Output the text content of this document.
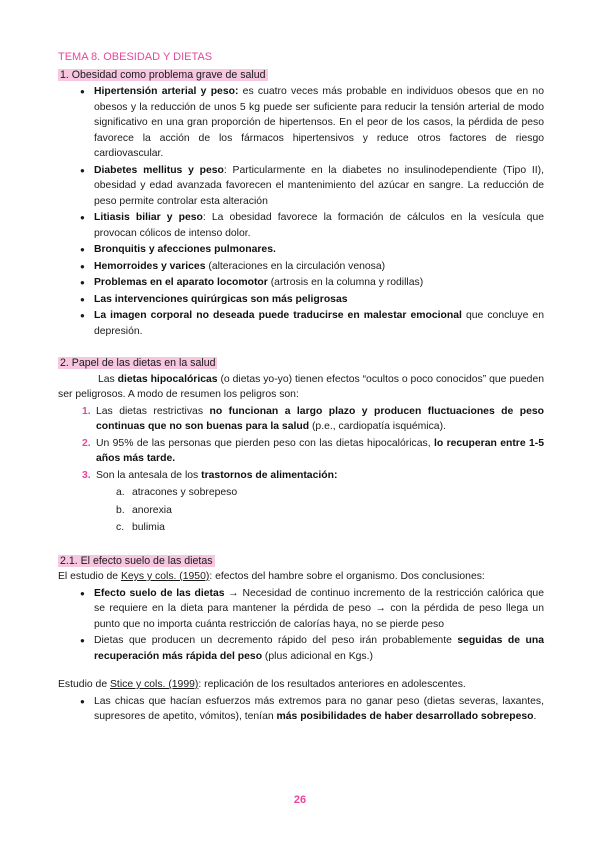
TEMA 8. OBESIDAD Y DIETAS

1. Obesidad como problema grave de salud

● Hipertensión arterial y peso: es cuatro veces más probable en individuos obesos que en no obesos y la reducción de unos 5 kg puede ser suficiente para reducir la tensión arterial de modo significativo en una gran proporción de hipertensos. En el peor de los casos, la pérdida de peso favorece la acción de los fármacos hipertensivos y reduce otros factores de riesgo cardiovascular.
● Diabetes mellitus y peso: Particularmente en la diabetes no insulinodependiente (Tipo II), obesidad y edad avanzada favorecen el mantenimiento del azúcar en sangre. La reducción de peso permite controlar esta alteración
● Litiasis biliar y peso: La obesidad favorece la formación de cálculos en la vesícula que provocan cólicos de intenso dolor.
● Bronquitis y afecciones pulmonares.
● Hemorroides y varices (alteraciones en la circulación venosa)
● Problemas en el aparato locomotor (artrosis en la columna y rodillas)
● Las intervenciones quirúrgicas son más peligrosas
● La imagen corporal no deseada puede traducirse en malestar emocional que concluye en depresión.

2. Papel de las dietas en la salud

Las dietas hipocalóricas (o dietas yo-yo) tienen efectos “ocultos o poco conocidos” que pueden ser peligrosos. A modo de resumen los peligros son:

1. Las dietas restrictivas no funcionan a largo plazo y producen fluctuaciones de peso continuas que no son buenas para la salud (p.e., cardiopatía isquémica).
2. Un 95% de las personas que pierden peso con las dietas hipocalóricas, lo recuperan entre 1-5 años más tarde.
3. Son la antesala de los trastornos de alimentación:
a. atracones y sobrepeso
b. anorexia
c. bulimia

2.1. El efecto suelo de las dietas

El estudio de Keys y cols. (1950): efectos del hambre sobre el organismo. Dos conclusiones:

● Efecto suelo de las dietas → Necesidad de continuo incremento de la restricción calórica que se requiere en la dieta para mantener la pérdida de peso → con la pérdida de peso llega un punto que no importa cuánta restricción de calorías haya, no se pierde peso
● Dietas que producen un decremento rápido del peso irán probablemente seguidas de una recuperación más rápida del peso (plus adicional en Kgs.)

Estudio de Stice y cols. (1999): replicación de los resultados anteriores en adolescentes.

● Las chicas que hacían esfuerzos más extremos para no ganar peso (dietas severas, laxantes, supresores de apetito, vómitos), tenían más posibilidades de haber desarrollado sobrepeso.
26
